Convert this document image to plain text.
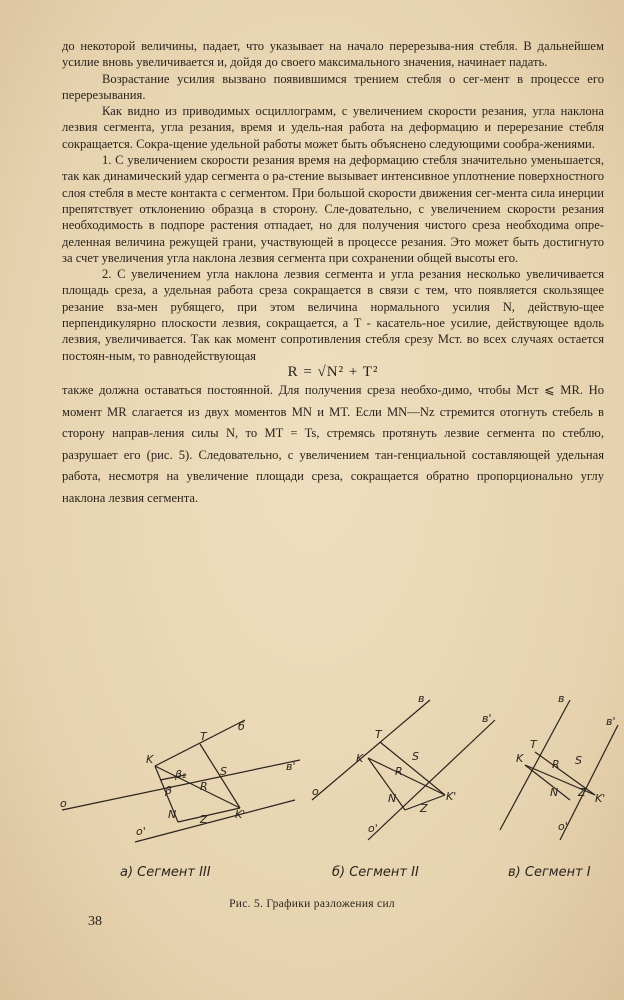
до некоторой величины, падает, что указывает на начало перерезыва-ния стебля. В дальнейшем усилие вновь увеличивается и, дойдя до своего максимального значения, начинает падать.

Возрастание усилия вызвано появившимся трением стебля о сег-мент в процессе его перерезывания.

Как видно из приводимых осциллограмм, с увеличением скорости резания, угла наклона лезвия сегмента, угла резания, время и удель-ная работа на деформацию и перерезание стебля сокращается. Сокра-щение удельной работы может быть объяснено следующими сообра-жениями.

1. С увеличением скорости резания время на деформацию стебля значительно уменьшается, так как динамический удар сегмента о ра-стение вызывает интенсивное уплотнение поверхностного слоя стебля в месте контакта с сегментом. При большой скорости движения сег-мента сила инерции препятствует отклонению образца в сторону. Сле-довательно, с увеличением скорости резания необходимость в подпоре растения отпадает, но для получения чистого среза необходима опре-деленная величина режущей грани, участвующей в процессе резания. Это может быть достигнуто за счет увеличения угла наклона лезвия сегмента при сохранении общей высоты его.

2. С увеличением угла наклона лезвия сегмента и угла резания несколько увеличивается площадь среза, а удельная работа среза сокращается в связи с тем, что появляется скользящее резание вза-мен рубящего, при этом величина нормального усилия N, действую-щее перпендикулярно плоскости лезвия, сокращается, а T - касатель-ное усилие, действующее вдоль лезвия, увеличивается. Так как момент сопротивления стебля срезу Mст. во всех случаях остается постоян-ным, то равнодействующая

R = √N² + T²

также должна оставаться постоянной. Для получения среза необхо-димо, чтобы Mст ⩽ MR. Но момент MR слагается из двух моментов MN и MT. Если MN—Nz стремится отогнуть стебель в сторону направ-ления силы N, то MT = Ts, стремясь протянуть лезвие сегмента по стеблю, разрушает его (рис. 5). Следовательно, с увеличением тан-генциальной составляющей удельная работа, несмотря на увеличение площади среза, сокращается обратно пропорционально углу наклона лезвия сегмента.

б
в'
о
о'
T
K
β₂
β	R
S
N Z K'
в
в'
о
о'
T
K
R
S
N
Z
K'
в
в'
о'
K
T
R S
N Z K'
а) Сегмент III	б) Сегмент II	в) Сегмент I
Рис. 5. Графики разложения сил
38
